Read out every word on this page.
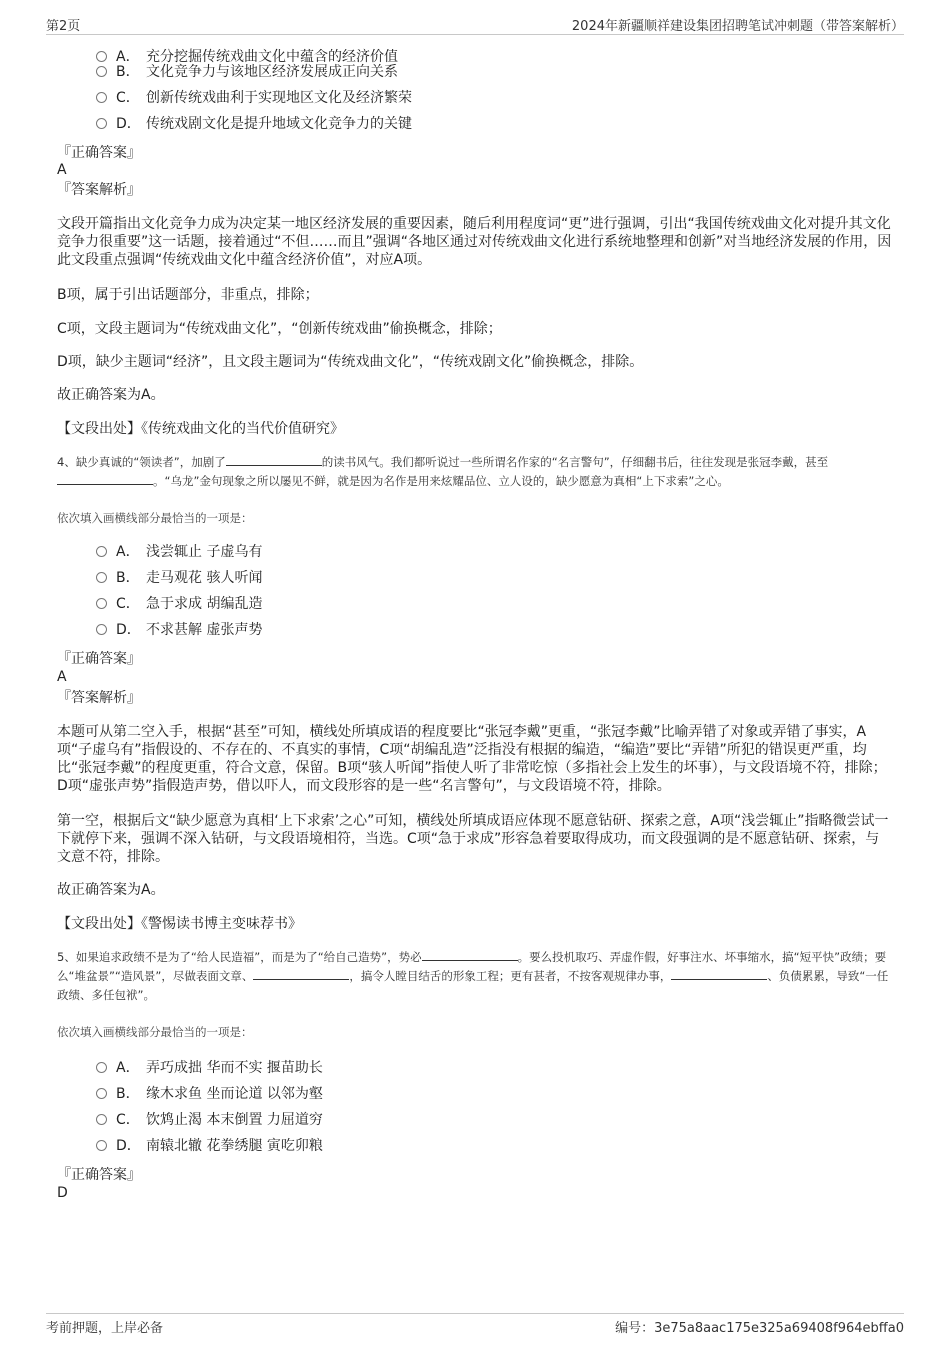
第2页	2024年新疆顺祥建设集团招聘笔试冲刺题（带答案解析）
A． 充分挖掘传统戏曲文化中蕴含的经济价值
B． 文化竞争力与该地区经济发展成正向关系
C． 创新传统戏曲利于实现地区文化及经济繁荣
D． 传统戏剧文化是提升地域文化竞争力的关键
『正确答案』
A
『答案解析』
文段开篇指出文化竞争力成为决定某一地区经济发展的重要因素，随后利用程度词“更”进行强调，引出“我国传统戏曲文化对提升其文化竞争力很重要”这一话题，接着通过“不但……而且”强调“各地区通过对传统戏曲文化进行系统地整理和创新”对当地经济发展的作用，因此文段重点强调“传统戏曲文化中蕴含经济价值”，对应A项。
B项，属于引出话题部分，非重点，排除；
C项，文段主题词为“传统戏曲文化”，“创新传统戏曲”偷换概念，排除；
D项，缺少主题词“经济”，且文段主题词为“传统戏曲文化”，“传统戏剧文化”偷换概念，排除。
故正确答案为A。
【文段出处】《传统戏曲文化的当代价值研究》
4、缺少真诚的“领读者”，加剧了	的读书风气。我们都听说过一些所谓名作家的“名言警句”，仔细翻书后，往往发现是张冠李戴，甚至。“乌龙”金句现象之所以屡见不鲜，就是因为名作是用来炫耀品位、立人设的，缺少愿意为真相“上下求索”之心。
依次填入画横线部分最恰当的一项是：
A． 浅尝辄止 子虚乌有
B． 走马观花 骇人听闻
C． 急于求成 胡编乱造
D． 不求甚解 虚张声势
『正确答案』
A
『答案解析』
本题可从第二空入手，根据“甚至”可知，横线处所填成语的程度要比“张冠李戴”更重，“张冠李戴”比喻弄错了对象或弄错了事实，A项“子虚乌有”指假设的、不存在的、不真实的事情，C项“胡编乱造”泛指没有根据的编造，“编造”要比“弄错”所犯的错误更严重，均比“张冠李戴”的程度更重，符合文意，保留。B项“骇人听闻”指使人听了非常吃惊（多指社会上发生的坏事），与文段语境不符，排除；D项“虚张声势”指假造声势，借以吓人，而文段形容的是一些“名言警句”，与文段语境不符，排除。
第一空，根据后文“缺少愿意为真相‘上下求索’之心”可知，横线处所填成语应体现不愿意钻研、探索之意，A项“浅尝辄止”指略微尝试一下就停下来，强调不深入钻研，与文段语境相符，当选。C项“急于求成”形容急着要取得成功，而文段强调的是不愿意钻研、探索，与文意不符，排除。
故正确答案为A。
【文段出处】《警惕读书博主变味荐书》
5、如果追求政绩不是为了“给人民造福”，而是为了“给自己造势”，势必	。要么投机取巧、弄虚作假，好事注水、坏事缩水，搞“短平快”政绩；要么“堆盆景”“造风景”，尽做表面文章、	，搞令人瞠目结舌的形象工程；更有甚者，不按客观规律办事，	、负债累累，导致“一任政绩、多任包袱”。
依次填入画横线部分最恰当的一项是：
A． 弄巧成拙 华而不实 揠苗助长
B． 缘木求鱼 坐而论道 以邻为壑
C． 饮鸩止渴 本末倒置 力屈道穷
D． 南辕北辙 花拳绣腿 寅吃卯粮
『正确答案』
D
考前押题，上岸必备	编号：3e75a8aac175e325a69408f964ebffa0
